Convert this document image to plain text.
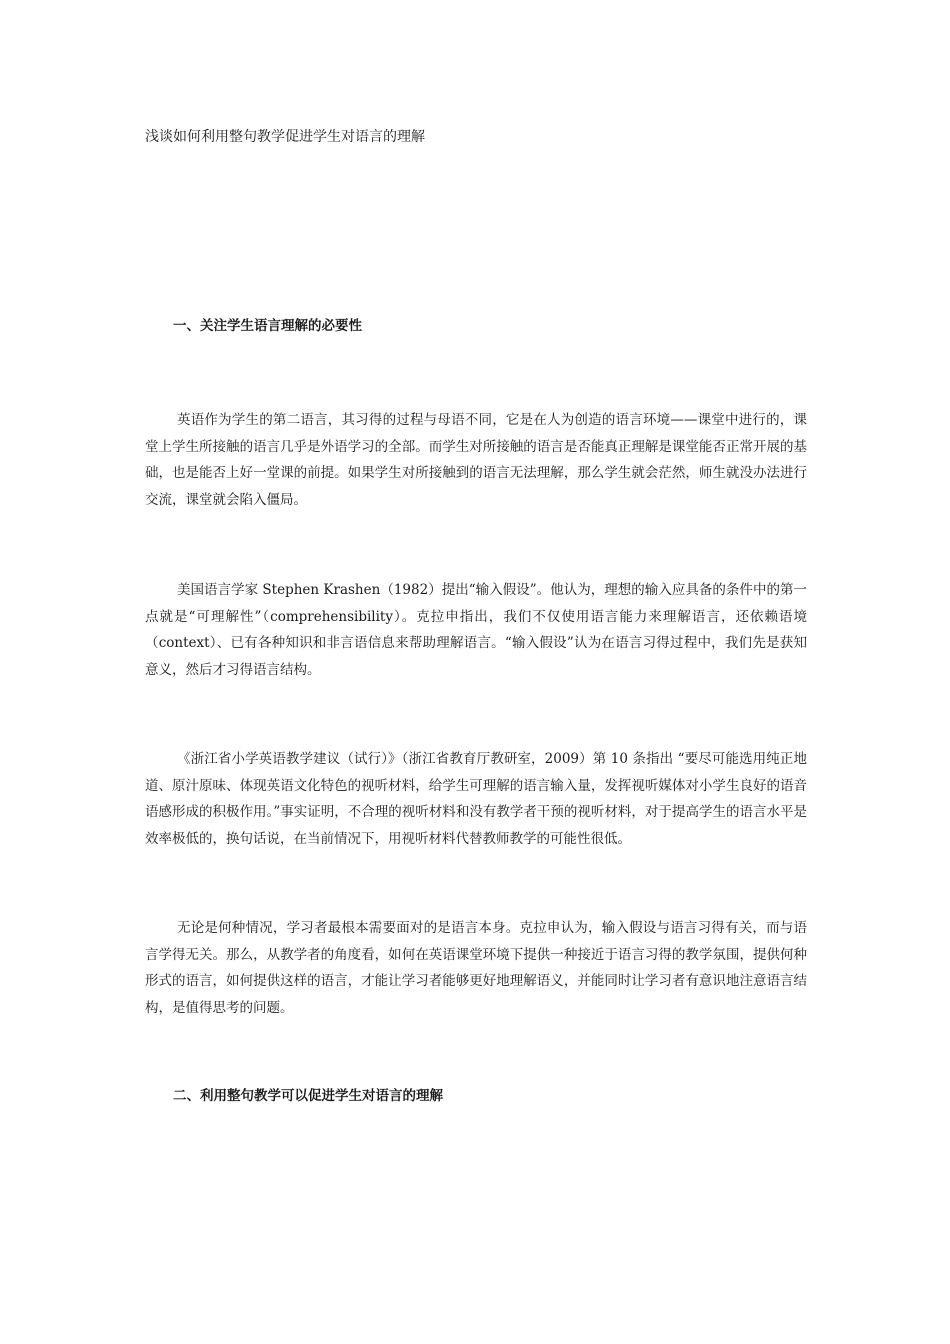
浅谈如何利用整句教学促进学生对语言的理解
一、关注学生语言理解的必要性

英语作为学生的第二语言，其习得的过程与母语不同，它是在人为创造的语言环境——课堂中进行的，课堂上学生所接触的语言几乎是外语学习的全部。而学生对所接触的语言是否能真正理解是课堂能否正常开展的基础，也是能否上好一堂课的前提。如果学生对所接触到的语言无法理解，那么学生就会茫然，师生就没办法进行交流，课堂就会陷入僵局。

美国语言学家 Stephen Krashen（1982）提出“输入假设”。他认为，理想的输入应具备的条件中的第一点就是“可理解性”（comprehensibility）。克拉申指出，我们不仅使用语言能力来理解语言，还依赖语境（context）、已有各种知识和非言语信息来帮助理解语言。“输入假设”认为在语言习得过程中，我们先是获知意义，然后才习得语言结构。

《浙江省小学英语教学建议（试行）》（浙江省教育厅教研室，2009）第 10 条指出 “要尽可能选用纯正地道、原汁原味、体现英语文化特色的视听材料，给学生可理解的语言输入量，发挥视听媒体对小学生良好的语音语感形成的积极作用。”事实证明，不合理的视听材料和没有教学者干预的视听材料，对于提高学生的语言水平是效率极低的，换句话说，在当前情况下，用视听材料代替教师教学的可能性很低。

无论是何种情况，学习者最根本需要面对的是语言本身。克拉申认为，输入假设与语言习得有关，而与语言学得无关。那么，从教学者的角度看，如何在英语课堂环境下提供一种接近于语言习得的教学氛围，提供何种形式的语言，如何提供这样的语言，才能让学习者能够更好地理解语义，并能同时让学习者有意识地注意语言结构，是值得思考的问题。

二、利用整句教学可以促进学生对语言的理解
